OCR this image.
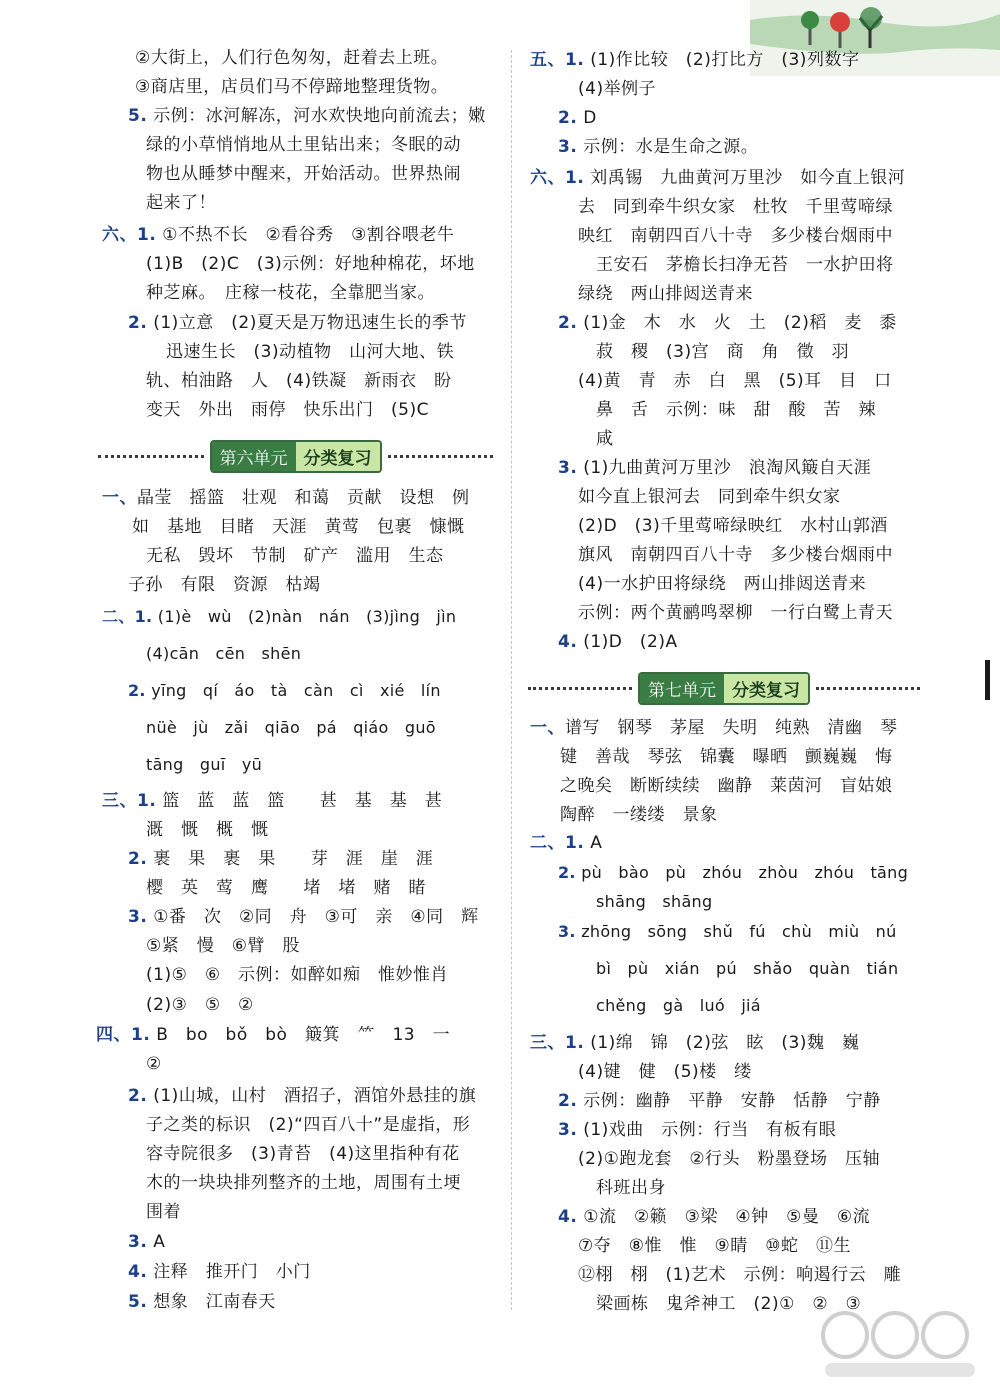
②大街上，人们行色匆匆，赶着去上班。
③商店里，店员们马不停蹄地整理货物。
5. 示例：冰河解冻，河水欢快地向前流去；嫩
绿的小草悄悄地从土里钻出来；冬眠的动
物也从睡梦中醒来，开始活动。世界热闹
起来了！
六、1. ①不热不长　②看谷秀　③割谷喂老牛
(1)B　(2)C　(3)示例：好地种棉花，坏地
种芝麻。　庄稼一枝花，全靠肥当家。
2. (1)立意　(2)夏天是万物迅速生长的季节
迅速生长　(3)动植物　山河大地、铁
轨、柏油路　人　(4)铁凝　新雨衣　盼
变天　外出　雨停　快乐出门　(5)C
第六单元 分类复习
一、晶莹　摇篮　壮观　和蔼　贡献　设想　例
如　基地　目睹　天涯　黄莺　包裹　慷慨
无私　毁坏　节制　矿产　滥用　生态
子孙　有限　资源　枯竭
二、1. (1)è　wù　(2)nàn　nán　(3)jìng　jìn
(4)cān　cēn　shēn
2. yīng　qí　áo　tà　càn　cì　xié　lín
nüè　jù　zǎi　qiāo　pá　qiáo　guō
tāng　guī　yū
三、1. 篮　蓝　蓝　篮　　甚　基　基　甚
溉　慨　概　慨
2. 裹　果　裹　果　　芽　涯　崖　涯
樱　英　莺　鹰　　堵　堵　赌　睹
3. ①番　次　②同　舟　③可　亲　④同　辉
⑤紧　慢　⑥臂　股
(1)⑤　⑥　示例：如醉如痴　惟妙惟肖
(2)③　⑤　②
四、1. B　bo　bǒ　bò　簸箕　⺮　13　一
②
2. (1)山城，山村　酒招子，酒馆外悬挂的旗
子之类的标识　(2)“四百八十”是虚指，形
容寺院很多　(3)青苔　(4)这里指种有花
木的一块块排列整齐的土地，周围有土埂
围着
3. A
4. 注释　推开门　小门
5. 想象　江南春天
五、1. (1)作比较　(2)打比方　(3)列数字
(4)举例子
2. D
3. 示例：水是生命之源。
六、1. 刘禹锡　九曲黄河万里沙　如今直上银河
去　同到牵牛织女家　杜牧　千里莺啼绿
映红　南朝四百八十寺　多少楼台烟雨中
王安石　茅檐长扫净无苔　一水护田将
绿绕　两山排闼送青来
2. (1)金　木　水　火　土　(2)稻　麦　黍
菽　稷　(3)宫　商　角　徵　羽
(4)黄　青　赤　白　黑　(5)耳　目　口
鼻　舌　示例：味　甜　酸　苦　辣
咸
3. (1)九曲黄河万里沙　浪淘风簸自天涯
如今直上银河去　同到牵牛织女家
(2)D　(3)千里莺啼绿映红　水村山郭酒
旗风　南朝四百八十寺　多少楼台烟雨中
(4)一水护田将绿绕　两山排闼送青来
示例：两个黄鹂鸣翠柳　一行白鹭上青天
4. (1)D　(2)A
第七单元 分类复习
一、谱写　钢琴　茅屋　失明　纯熟　清幽　琴
键　善哉　琴弦　锦囊　曝晒　颤巍巍　悔
之晚矣　断断续续　幽静　莱茵河　盲姑娘
陶醉　一缕缕　景象
二、1. A
2. pù　bào　pù　zhóu　zhòu　zhóu　tāng
shāng　shāng
3. zhōng　sōng　shǔ　fú　chù　miù　nú
bì　pù　xián　pú　shǎo　quàn　tián
chěng　gà　luó　jiá
三、1. (1)绵　锦　(2)弦　眩　(3)魏　巍
(4)键　健　(5)楼　缕
2. 示例：幽静　平静　安静　恬静　宁静
3. (1)戏曲　示例：行当　有板有眼
(2)①跑龙套　②行头　粉墨登场　压轴
科班出身
4. ①流　②籁　③梁　④钟　⑤曼　⑥流
⑦夺　⑧惟　惟　⑨睛　⑩蛇　⑪生
⑫栩　栩　(1)艺术　示例：响遏行云　雕
梁画栋　鬼斧神工　(2)①　②　③
